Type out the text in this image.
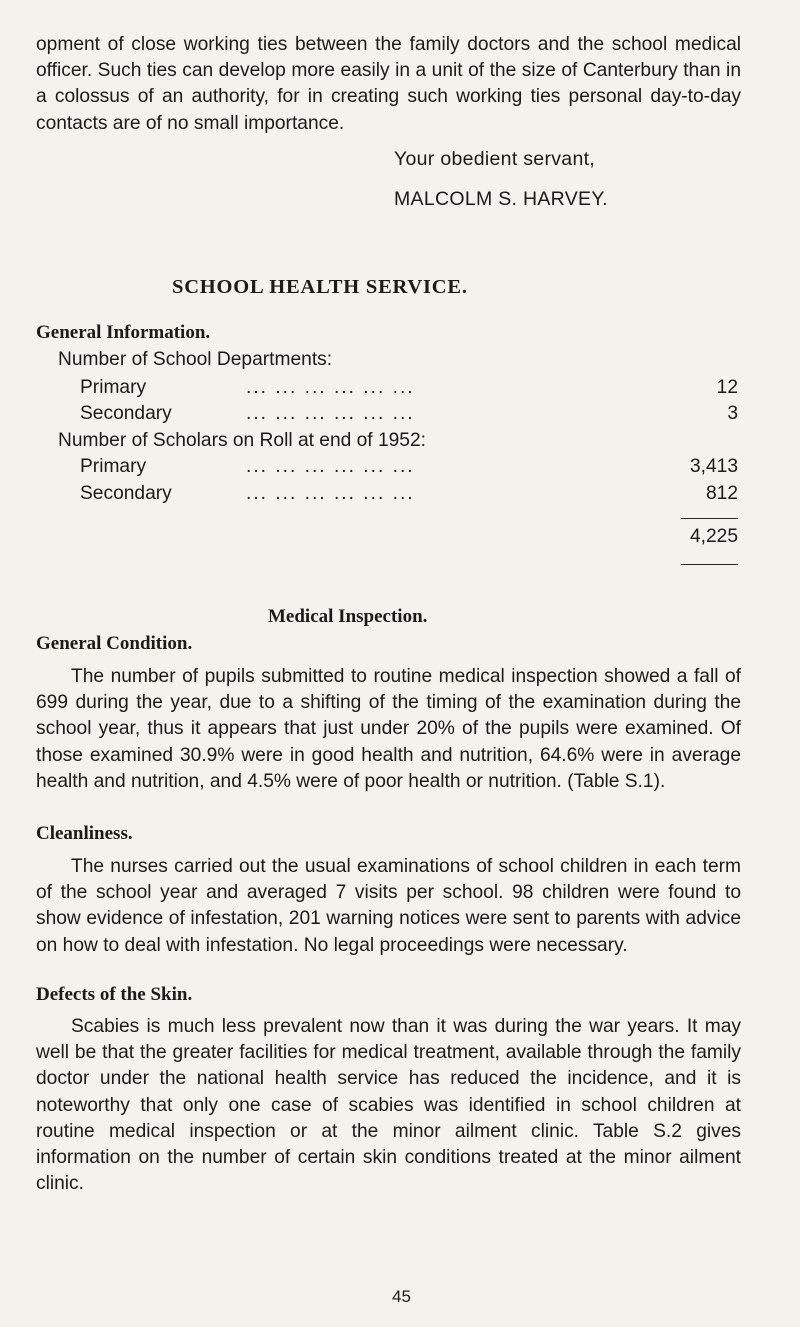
opment of close working ties between the family doctors and the school medical officer. Such ties can develop more easily in a unit of the size of Canterbury than in a colossus of an authority, for in creating such working ties personal day-to-day contacts are of no small importance.

Your obedient servant,
MALCOLM S. HARVEY.
SCHOOL HEALTH SERVICE.
General Information.
Number of School Departments:
Primary	... ... ... ... ... ...	12
Secondary	... ... ... ... ... ...	3
Number of Scholars on Roll at end of 1952:
Primary	... ... ... ... ... ...	3,413
Secondary	... ... ... ... ... ...	812
4,225
Medical Inspection.
General Condition.

The number of pupils submitted to routine medical inspection showed a fall of 699 during the year, due to a shifting of the timing of the examination during the school year, thus it appears that just under 20% of the pupils were examined. Of those examined 30.9% were in good health and nutrition, 64.6% were in average health and nutrition, and 4.5% were of poor health or nutrition. (Table S.1).

Cleanliness.

The nurses carried out the usual examinations of school children in each term of the school year and averaged 7 visits per school. 98 children were found to show evidence of infestation, 201 warning notices were sent to parents with advice on how to deal with infestation. No legal proceedings were necessary.

Defects of the Skin.

Scabies is much less prevalent now than it was during the war years. It may well be that the greater facilities for medical treatment, available through the family doctor under the national health service has reduced the incidence, and it is noteworthy that only one case of scabies was identified in school children at routine medical inspection or at the minor ailment clinic. Table S.2 gives information on the number of certain skin conditions treated at the minor ailment clinic.

45
